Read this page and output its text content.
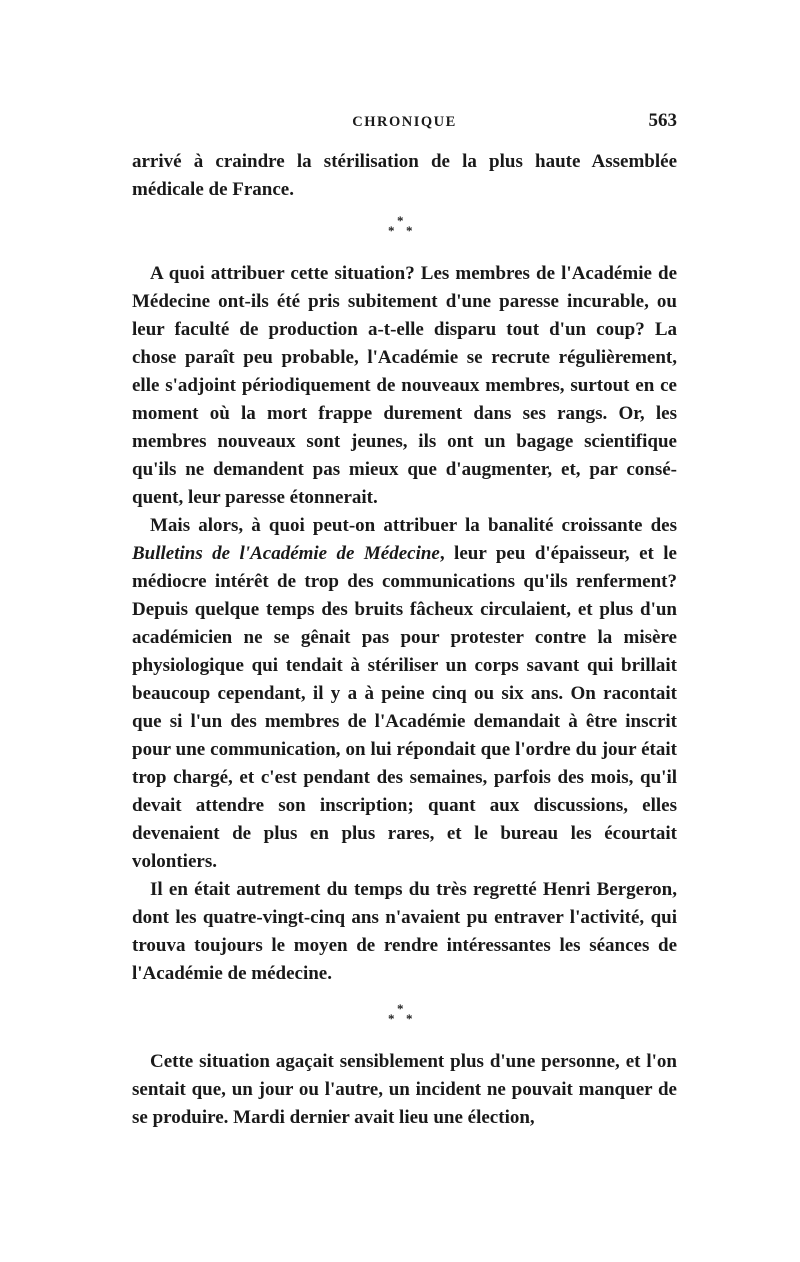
CHRONIQUE	563

arrivé à craindre la stérilisation de la plus haute Assemblée médicale de France.

*
* *

A quoi attribuer cette situation? Les membres de l'Académie de Médecine ont-ils été pris subitement d'une paresse incurable, ou leur faculté de production a-t-elle disparu tout d'un coup? La chose paraît peu probable, l'Académie se recrute régulièrement, elle s'adjoint périodiquement de nouveaux membres, surtout en ce moment où la mort frappe durement dans ses rangs. Or, les membres nouveaux sont jeunes, ils ont un bagage scientifique qu'ils ne demandent pas mieux que d'augmenter, et, par conséquent, leur paresse étonnerait.

Mais alors, à quoi peut-on attribuer la banalité croissante des Bulletins de l'Académie de Médecine, leur peu d'épaisseur, et le médiocre intérêt de trop des communications qu'ils renferment? Depuis quelque temps des bruits fâcheux circulaient, et plus d'un académicien ne se gênait pas pour protester contre la misère physiologique qui tendait à stériliser un corps savant qui brillait beaucoup cependant, il y a à peine cinq ou six ans. On racontait que si l'un des membres de l'Académie demandait à être inscrit pour une communication, on lui répondait que l'ordre du jour était trop chargé, et c'est pendant des semaines, parfois des mois, qu'il devait attendre son inscription; quant aux discussions, elles devenaient de plus en plus rares, et le bureau les écourtait volontiers.

Il en était autrement du temps du très regretté Henri Bergeron, dont les quatre-vingt-cinq ans n'avaient pu entraver l'activité, qui trouva toujours le moyen de rendre intéressantes les séances de l'Académie de médecine.

*
* *

Cette situation agaçait sensiblement plus d'une personne, et l'on sentait que, un jour ou l'autre, un incident ne pouvait manquer de se produire. Mardi dernier avait lieu une élection,
